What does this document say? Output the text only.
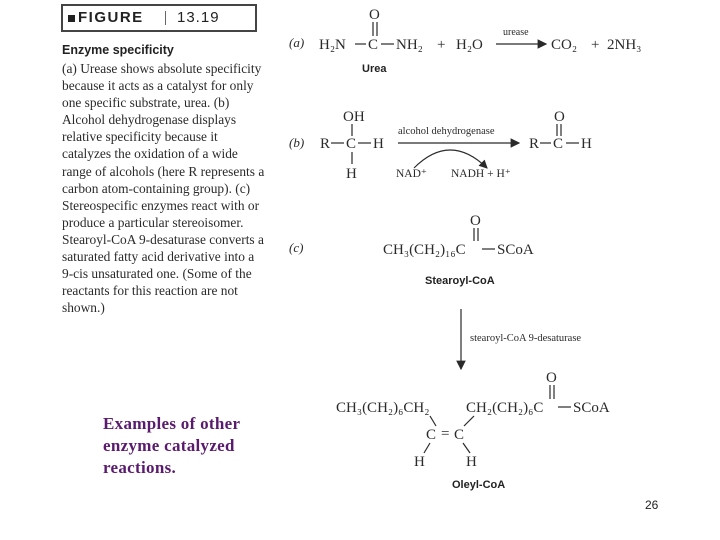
FIGURE 13.19
Enzyme specificity

(a) Urease shows absolute specificity because it acts as a catalyst for only one specific substrate, urea. (b) Alcohol dehydrogenase displays relative specificity because it catalyzes the oxidation of a wide range of alcohols (here R represents a carbon atom-containing group). (c) Stereospecific enzymes react with or produce a particular stereoisomer. Stearoyl-CoA 9-desaturase converts a saturated fatty acid derivative into a 9-cis unsaturated one. (Some of the reactants for this reaction are not shown.)

(a)
O
H₂N C NH₂ + H₂O
urease
CO₂ + 2NH₃
Urea
(b)
OH
R C H
H
alcohol dehydrogenase
NAD⁺ NADH + H⁺
O
R C H
(c)
O
CH₃(CH₂)₁₆C SCoA
Stearoyl-CoA
stearoyl-CoA 9-desaturase
O
CH₃(CH₂)₆CH₂ CH₂(CH₂)₆C SCoA
C = C
H	H
Oleyl-CoA
Examples of other enzyme catalyzed reactions.
26
